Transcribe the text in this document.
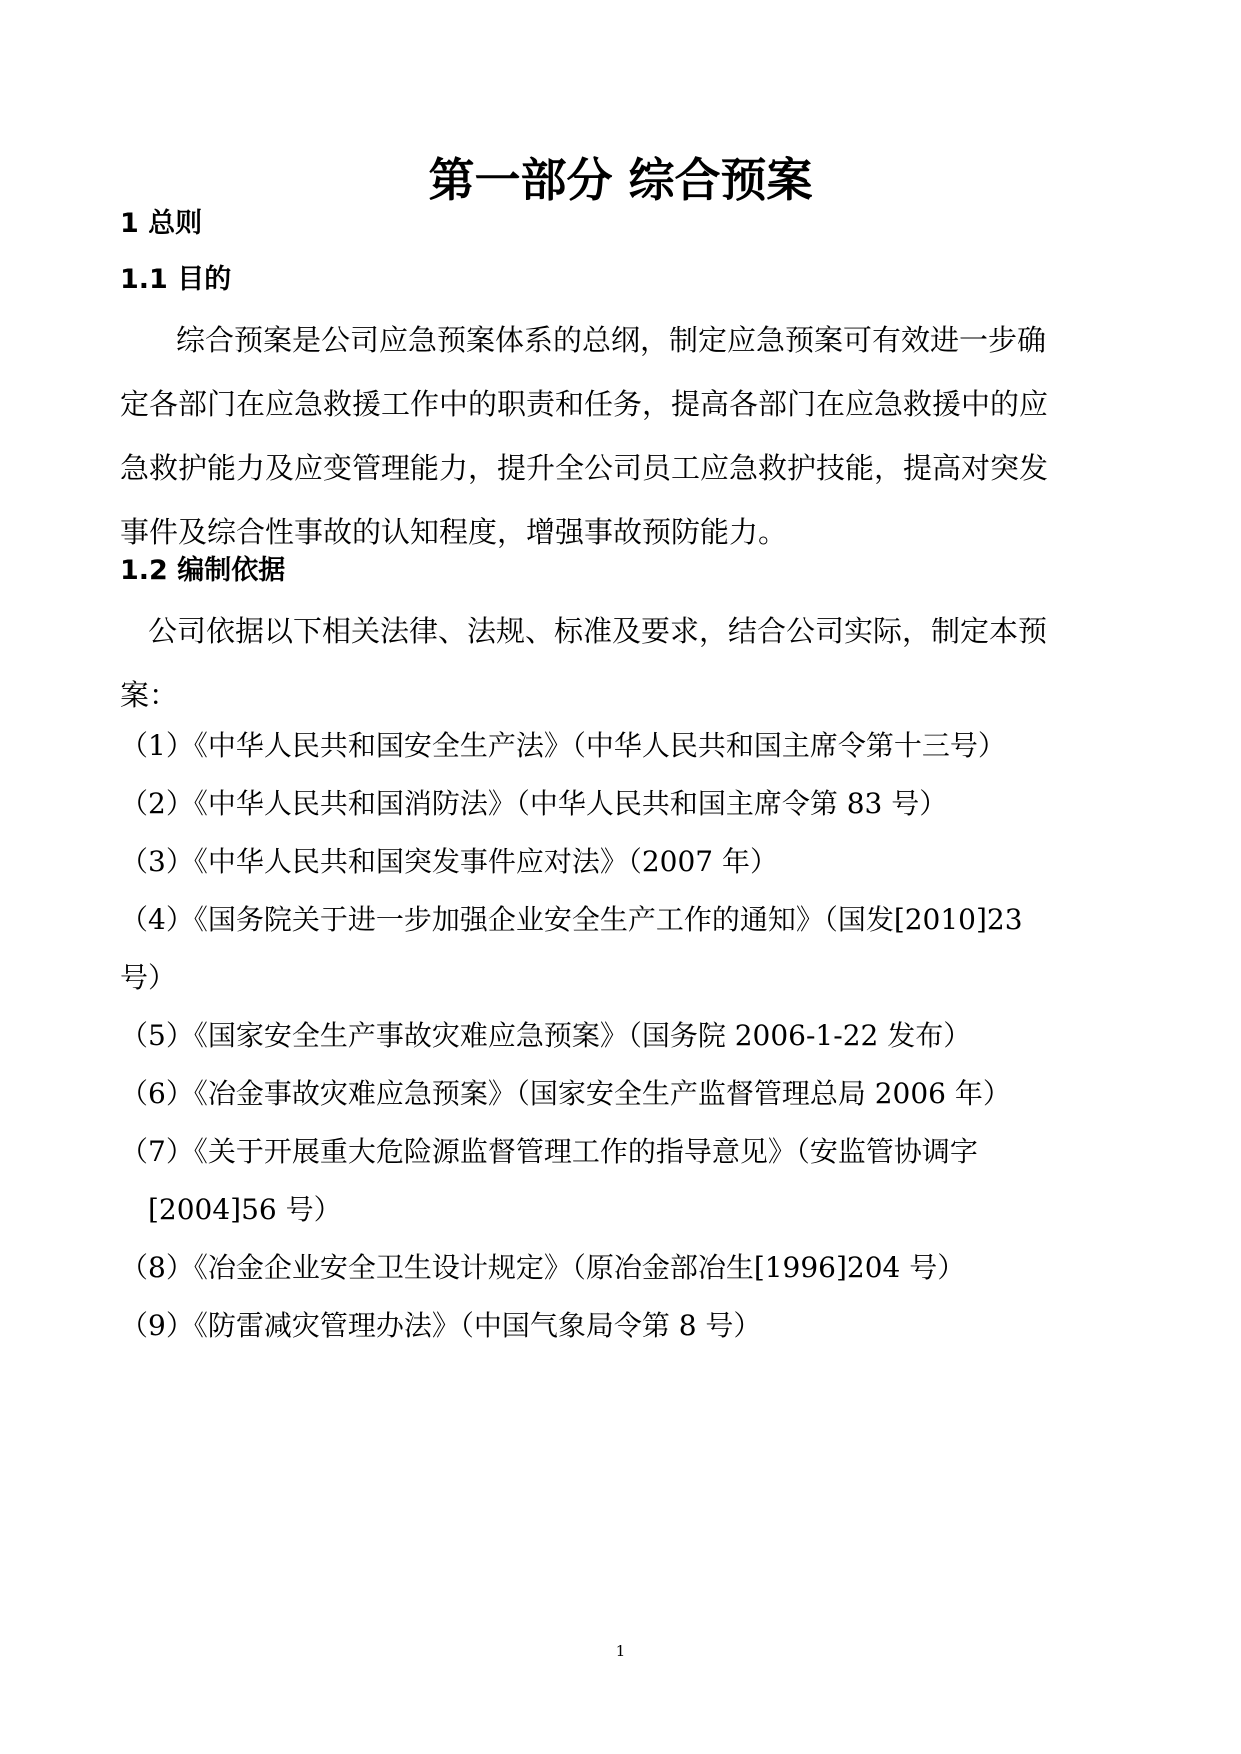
第一部分 综合预案
1 总则
1.1 目的
综合预案是公司应急预案体系的总纲，制定应急预案可有效进一步确
定各部门在应急救援工作中的职责和任务，提高各部门在应急救援中的应
急救护能力及应变管理能力，提升全公司员工应急救护技能，提高对突发
事件及综合性事故的认知程度，增强事故预防能力。
1.2 编制依据
公司依据以下相关法律、法规、标准及要求，结合公司实际，制定本预
案：
（1）《中华人民共和国安全生产法》（中华人民共和国主席令第十三号）
（2）《中华人民共和国消防法》（中华人民共和国主席令第 83 号）
（3）《中华人民共和国突发事件应对法》（2007 年）
（4）《国务院关于进一步加强企业安全生产工作的通知》（国发[2010]23
号）
（5）《国家安全生产事故灾难应急预案》（国务院 2006-1-22 发布）
（6）《冶金事故灾难应急预案》（国家安全生产监督管理总局 2006 年）
（7）《关于开展重大危险源监督管理工作的指导意见》（安监管协调字
[2004]56 号）
（8）《冶金企业安全卫生设计规定》（原冶金部冶生[1996]204 号）
（9）《防雷减灾管理办法》（中国气象局令第 8 号）
1
